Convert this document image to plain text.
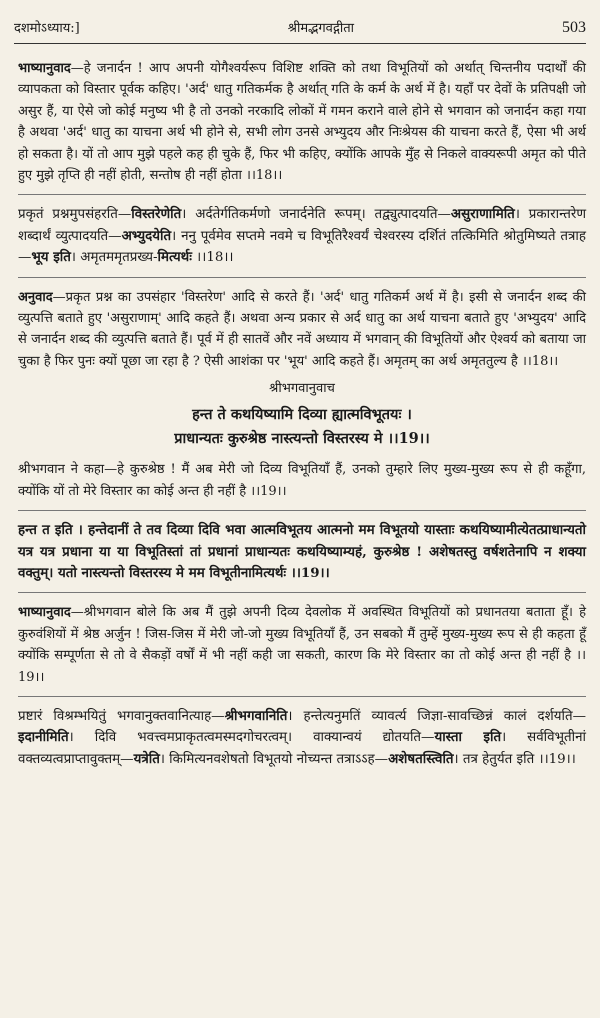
दशमोऽध्याय:]	श्रीमद्भगवद्गीता	503

भाष्यानुवाद—हे जनार्दन ! आप अपनी योगैश्वर्यरूप विशिष्ट शक्ति को तथा विभूतियों को अर्थात् चिन्तनीय पदार्थों की व्यापकता को विस्तार पूर्वक कहिए। 'अर्द' धातु गतिकर्मक है अर्थात् गति के कर्म के अर्थ में है। यहाँ पर देवों के प्रतिपक्षी जो असुर हैं, या ऐसे जो कोई मनुष्य भी है तो उनको नरकादि लोकों में गमन कराने वाले होने से भगवान को जनार्दन कहा गया है अथवा 'अर्द' धातु का याचना अर्थ भी होने से, सभी लोग उनसे अभ्युदय और निःश्रेयस की याचना करते हैं, ऐसा भी अर्थ हो सकता है। यों तो आप मुझे पहले कह ही चुके हैं, फिर भी कहिए, क्योंकि आपके मुँह से निकले वाक्यरूपी अमृत को पीते हुए मुझे तृप्ति ही नहीं होती, सन्तोष ही नहीं होता ।।18।।

प्रकृतं प्रश्नमुपसंहरति—विस्तरेणेति। अर्दतेर्गतिकर्मणो जनार्दनेति रूपम्। तद्व्युत्पादयति—असुराणामिति। प्रकारान्तरेण शब्दार्थं व्युत्पादयति—अभ्युदयेति। ननु पूर्वमेव सप्तमे नवमे च विभूतिरैश्वर्यं चेश्वरस्य दर्शितं तत्किमिति श्रोतुमिष्यते तत्राह—भूय इति। अमृतममृतप्रख्य-मित्यर्थः ।।18।।

अनुवाद—प्रकृत प्रश्न का उपसंहार 'विस्तरेण' आदि से करते हैं। 'अर्द' धातु गतिकर्म अर्थ में है। इसी से जनार्दन शब्द की व्युत्पत्ति बताते हुए 'असुराणाम्' आदि कहते हैं। अथवा अन्य प्रकार से अर्द धातु का अर्थ याचना बताते हुए 'अभ्युदय' आदि से जनार्दन शब्द की व्युत्पत्ति बताते हैं। पूर्व में ही सातवें और नवें अध्याय में भगवान् की विभूतियों और ऐश्वर्य को बताया जा चुका है फिर पुनः क्यों पूछा जा रहा है ? ऐसी आशंका पर 'भूय' आदि कहते हैं। अमृतम् का अर्थ अमृततुल्य है ।।18।।

श्रीभगवानुवाच
हन्त ते कथयिष्यामि दिव्या ह्यात्मविभूतयः ।
प्राधान्यतः कुरुश्रेष्ठ नास्त्यन्तो विस्तरस्य मे ।।19।।

श्रीभगवान ने कहा—हे कुरुश्रेष्ठ ! मैं अब मेरी जो दिव्य विभूतियाँ हैं, उनको तुम्हारे लिए मुख्य-मुख्य रूप से ही कहूँगा, क्योंकि यों तो मेरे विस्तार का कोई अन्त ही नहीं है ।।19।।

हन्त त इति । हन्तेदानीं ते तव दिव्या दिवि भवा आत्मविभूतय आत्मनो मम विभूतयो यास्ताः कथयिष्यामीत्येतत्प्राधान्यतो यत्र यत्र प्रधाना या या विभूतिस्तां तां प्रधानां प्राधान्यतः कथयिष्याम्यहं, कुरुश्रेष्ठ ! अशेषतस्तु वर्षशतेनापि न शक्या वक्तुम्। यतो नास्त्यन्तो विस्तरस्य मे मम विभूतीनामित्यर्थः ।।19।।

भाष्यानुवाद—श्रीभगवान बोले कि अब मैं तुझे अपनी दिव्य देवलोक में अवस्थित विभूतियों को प्रधानतया बताता हूँ। हे कुरुवंशियों में श्रेष्ठ अर्जुन ! जिस-जिस में मेरी जो-जो मुख्य विभूतियाँ हैं, उन सबको मैं तुम्हें मुख्य-मुख्य रूप से ही कहता हूँ क्योंकि सम्पूर्णता से तो वे सैकड़ों वर्षों में भी नहीं कही जा सकती, कारण कि मेरे विस्तार का तो कोई अन्त ही नहीं है ।।19।।

प्रष्टारं विश्रम्भयितुं भगवानुक्तवानित्याह—श्रीभगवानिति। हन्तेत्यनुमतिं व्यावर्त्य जिज्ञा-सावच्छिन्नं कालं दर्शयति—इदानीमिति। दिवि भवत्त्वमप्राकृतत्वमस्मदगोचरत्वम्। वाक्यान्वयं द्योतयति—यास्ता इति। सर्वविभूतीनां वक्तव्यत्वप्राप्तावुक्तम्—यत्रेति। किमित्यनवशेषतो विभूतयो नोच्यन्त तत्राऽऽह—अशेषतस्त्विति। तत्र हेतुर्यत इति ।।19।।
